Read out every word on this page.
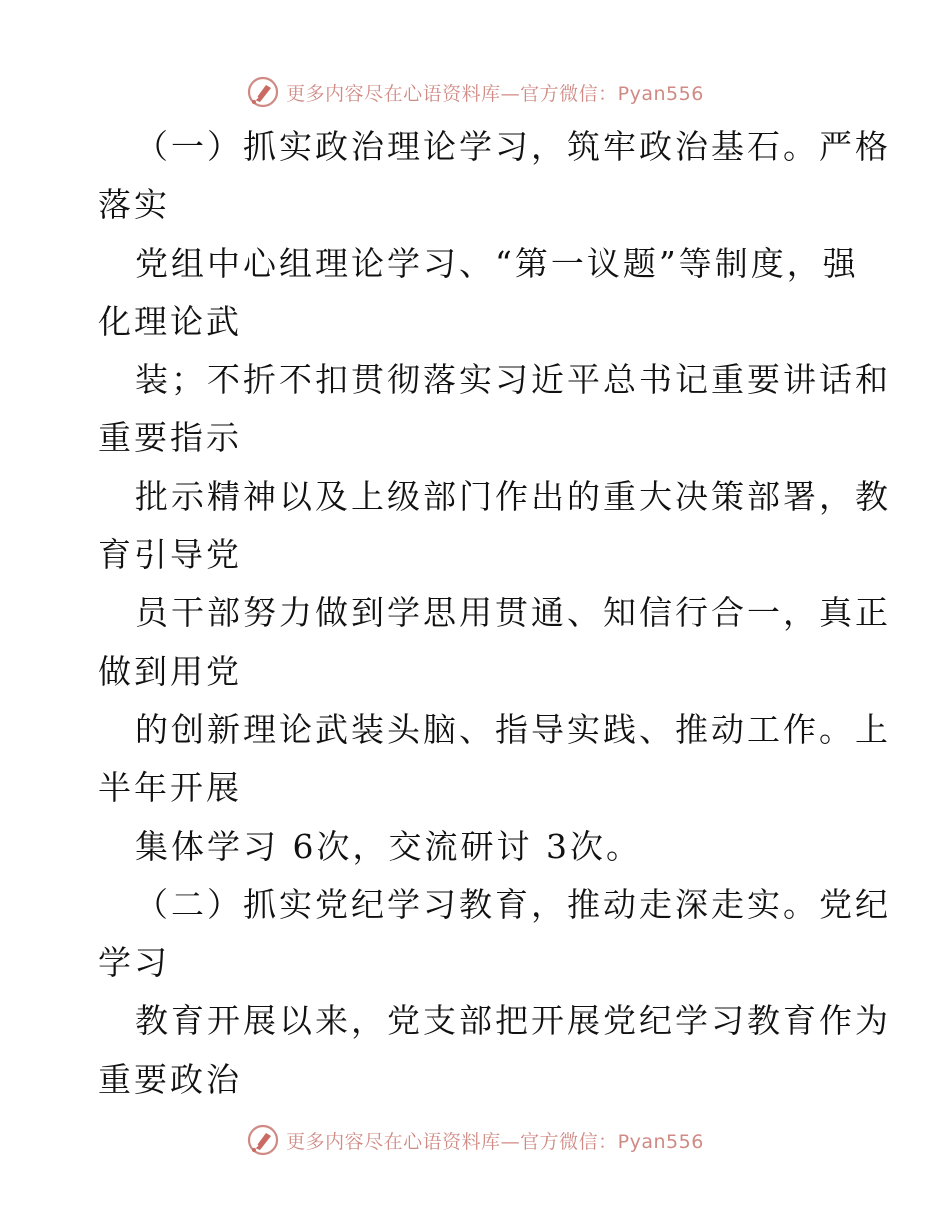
更多内容尽在心语资料库—官方微信：Pyan556
（一）抓实政治理论学习，筑牢政治基石。严格
落实
党组中心组理论学习、“第一议题”等制度，强
化理论武
装；不折不扣贯彻落实习近平总书记重要讲话和
重要指示
批示精神以及上级部门作出的重大决策部署，教
育引导党
员干部努力做到学思用贯通、知信行合一，真正
做到用党
的创新理论武装头脑、指导实践、推动工作。上
半年开展
集体学习 6次，交流研讨 3次。
（二）抓实党纪学习教育，推动走深走实。党纪
学习
教育开展以来，党支部把开展党纪学习教育作为
重要政治
更多内容尽在心语资料库—官方微信：Pyan556
